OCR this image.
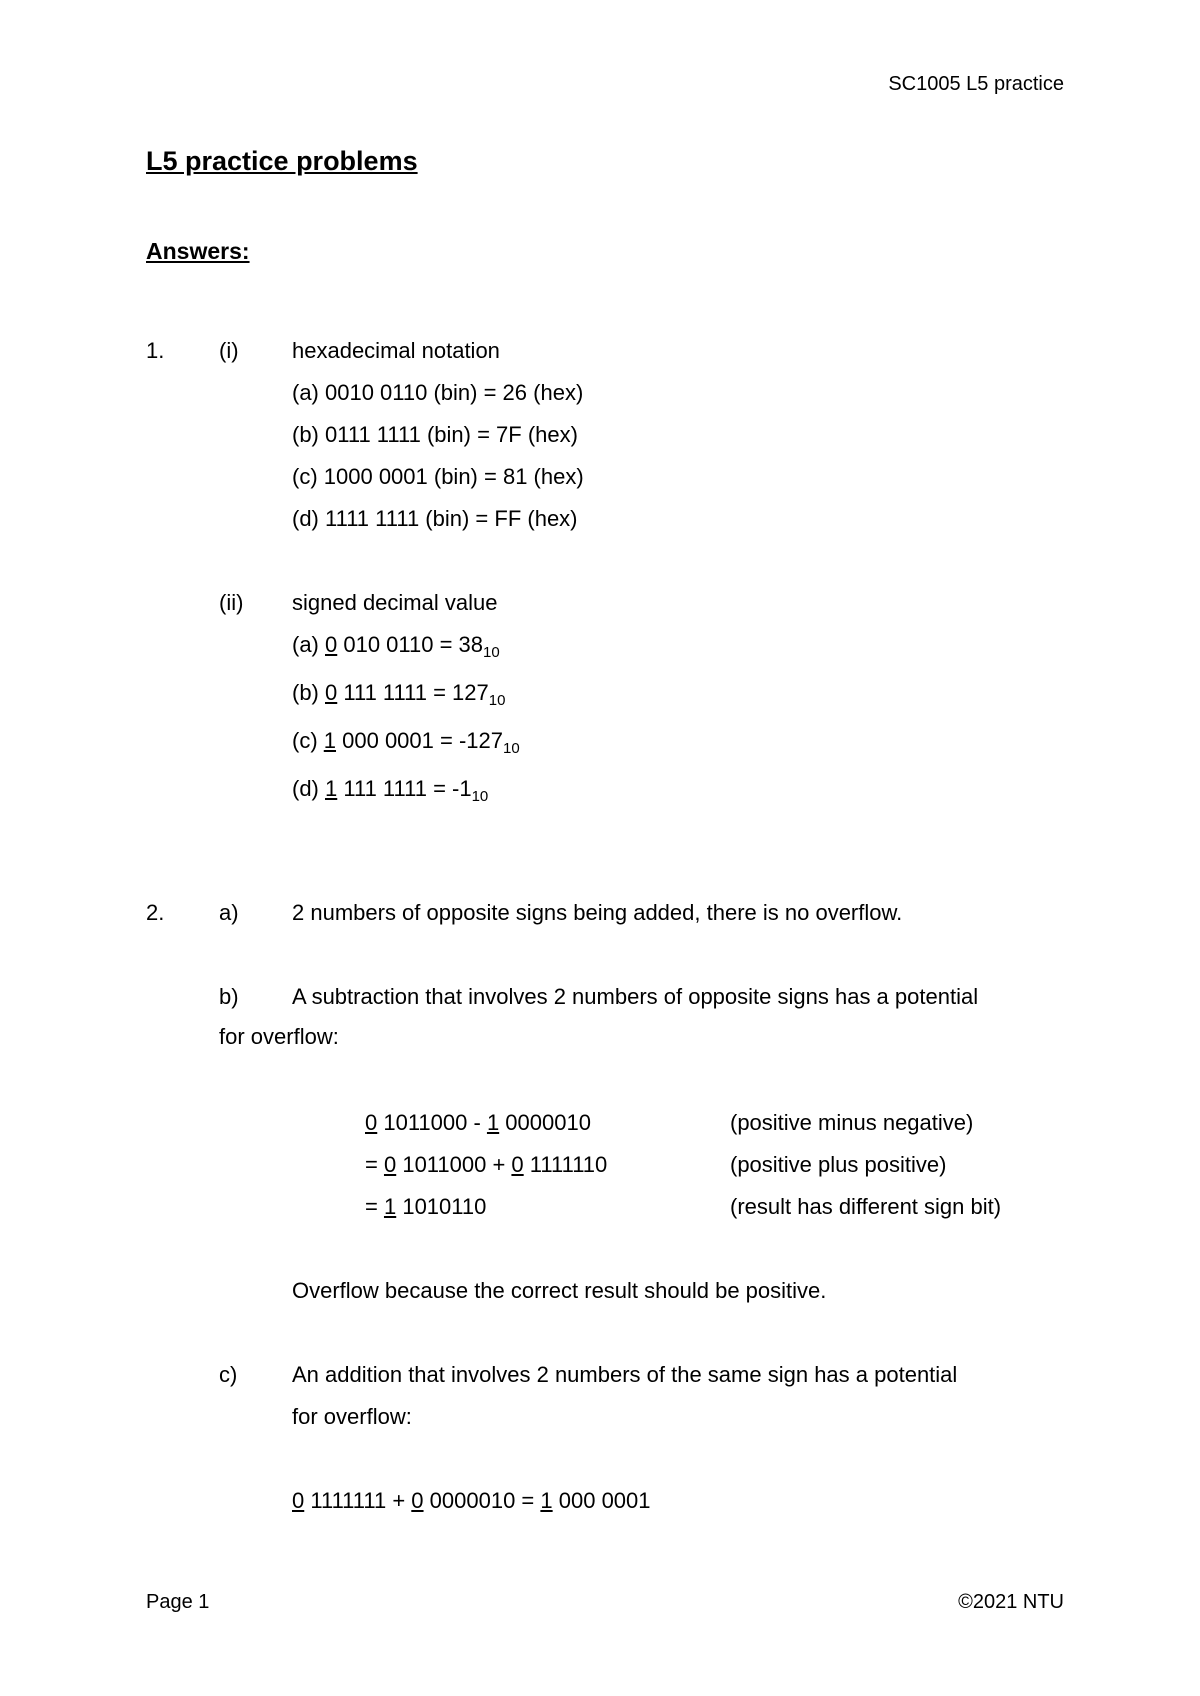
SC1005 L5 practice
L5 practice problems
Answers:
1. (i) hexadecimal notation
(a) 0010 0110 (bin) = 26 (hex)
(b) 0111 1111 (bin) = 7F (hex)
(c) 1000 0001 (bin) = 81 (hex)
(d) 1111 1111 (bin) = FF (hex)
(ii) signed decimal value
(a) 0 010 $0110 = 38_{10}$
(b) 0 111 $1111 = 127_{10}$
(c) 1 000 $0001 = -127_{10}$
(d) 1 111 $1111 = -1_{10}$
2. a) 2 numbers of opposite signs being added, there is no overflow.
b) A subtraction that involves 2 numbers of opposite signs has a potential
for overflow:
0 1011000 - 1 0000010	(positive minus negative)
= 0 1011000 + 0 1111110	(positive plus positive)
= 1 1010110	(result has different sign bit)
Overflow because the correct result should be positive.
c) An addition that involves 2 numbers of the same sign has a potential
for overflow:
0 1111111 + 0 0000010 = 1 000 0001
Page 1	©2021 NTU
